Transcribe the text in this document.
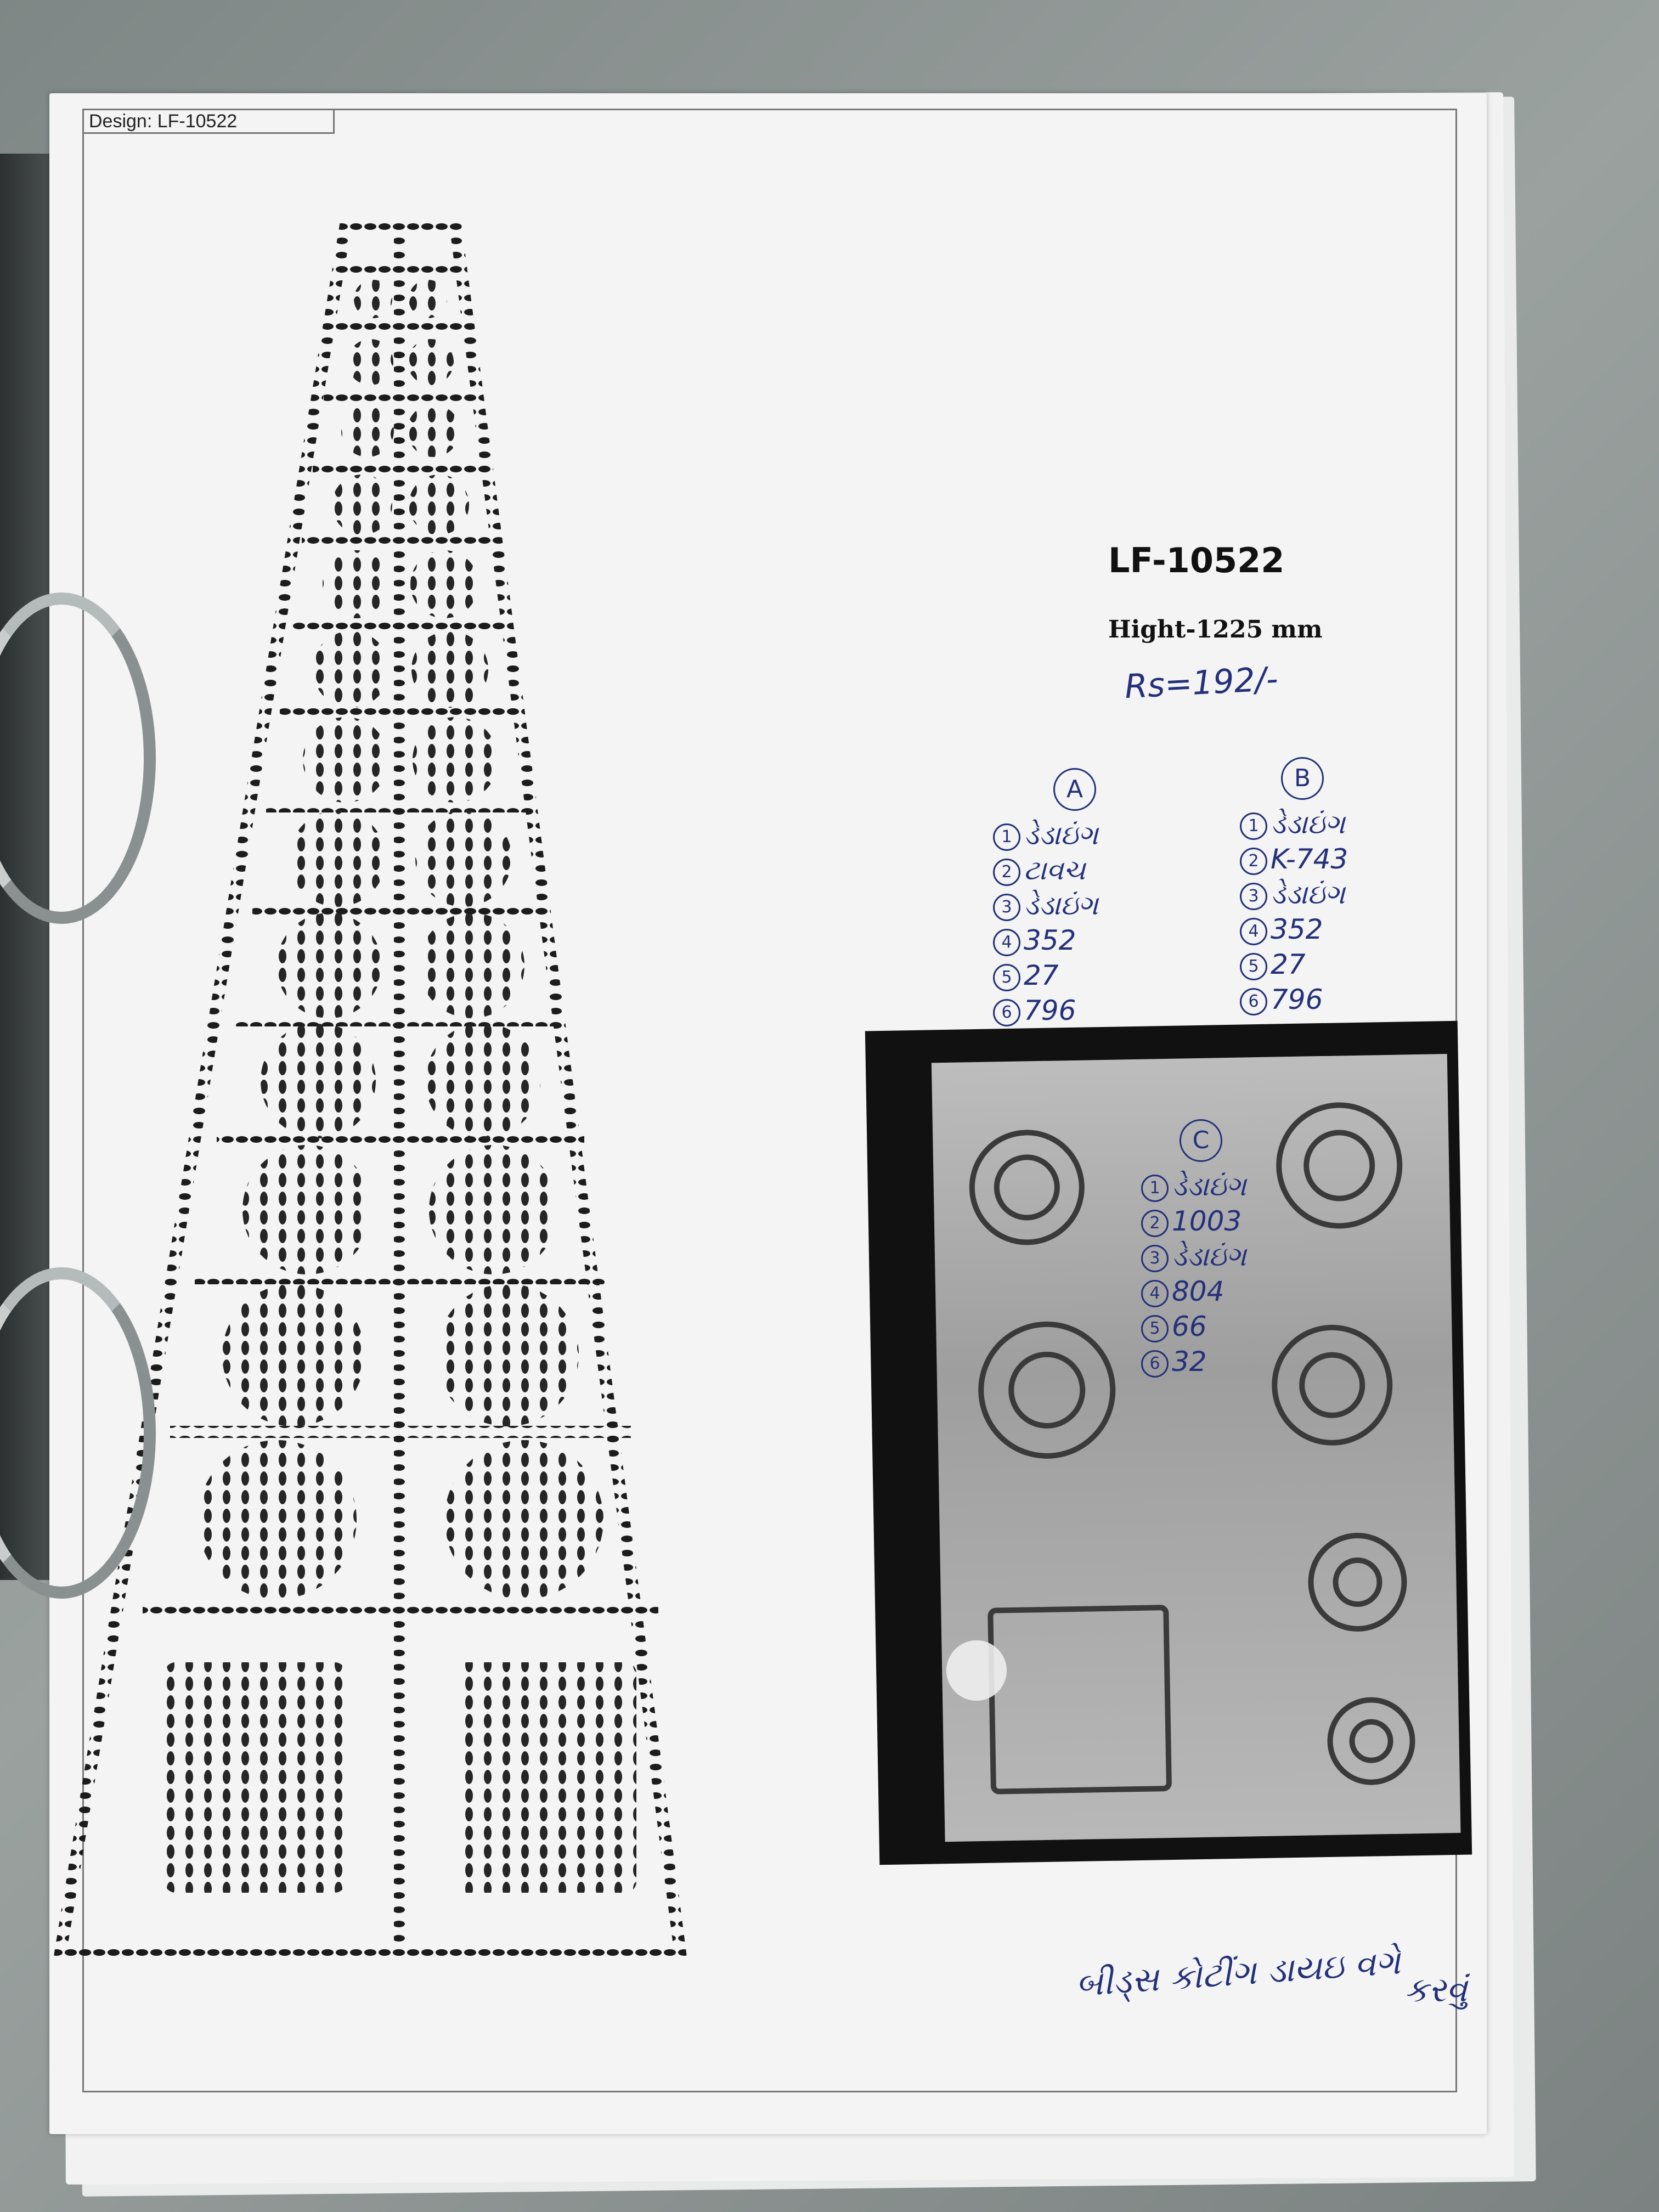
Design: LF-10522
LF-10522
Hight-1225 mm
Rs=192/-
A
1 ડેડાઇંગ
2 ટાવચ
3 ડેડાઇંગ
4 352
5 27
6 796
B
1 ડેડાઇંગ
2 K-743
3 ડેડાઇંગ
4 352
5 27
6 796
C
1 ડેડાઇંગ
2 1003
3 ડેડાઇંગ
4 804
5 66
6 32
બીડ્સ કોટીંગ ડાયઇ વગે કરવું
